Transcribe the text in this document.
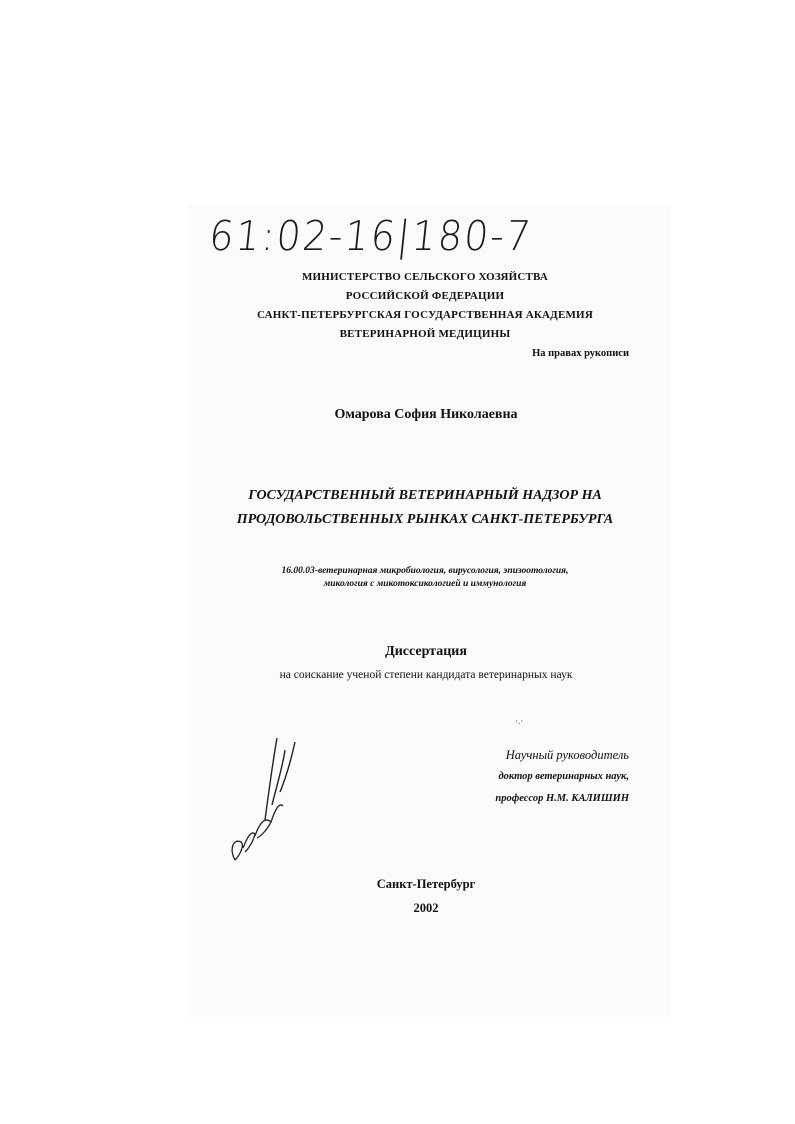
61:02-16|180-7
МИНИСТЕРСТВО СЕЛЬСКОГО ХОЗЯЙСТВА
РОССИЙСКОЙ ФЕДЕРАЦИИ
САНКТ-ПЕТЕРБУРГСКАЯ ГОСУДАРСТВЕННАЯ АКАДЕМИЯ
ВЕТЕРИНАРНОЙ МЕДИЦИНЫ
На правах рукописи
Омарова София Николаевна
ГОСУДАРСТВЕННЫЙ ВЕТЕРИНАРНЫЙ НАДЗОР НА
ПРОДОВОЛЬСТВЕННЫХ РЫНКАХ САНКТ-ПЕТЕРБУРГА
16.00.03-ветеринарная микробиология, вирусология, эпизоотология,
микология с микотоксикологией и иммунология
Диссертация
на соискание ученой степени кандидата ветеринарных наук
·.·
Научный руководитель
доктор ветеринарных наук,
профессор Н.М. КАЛИШИН
Санкт-Петербург
2002
